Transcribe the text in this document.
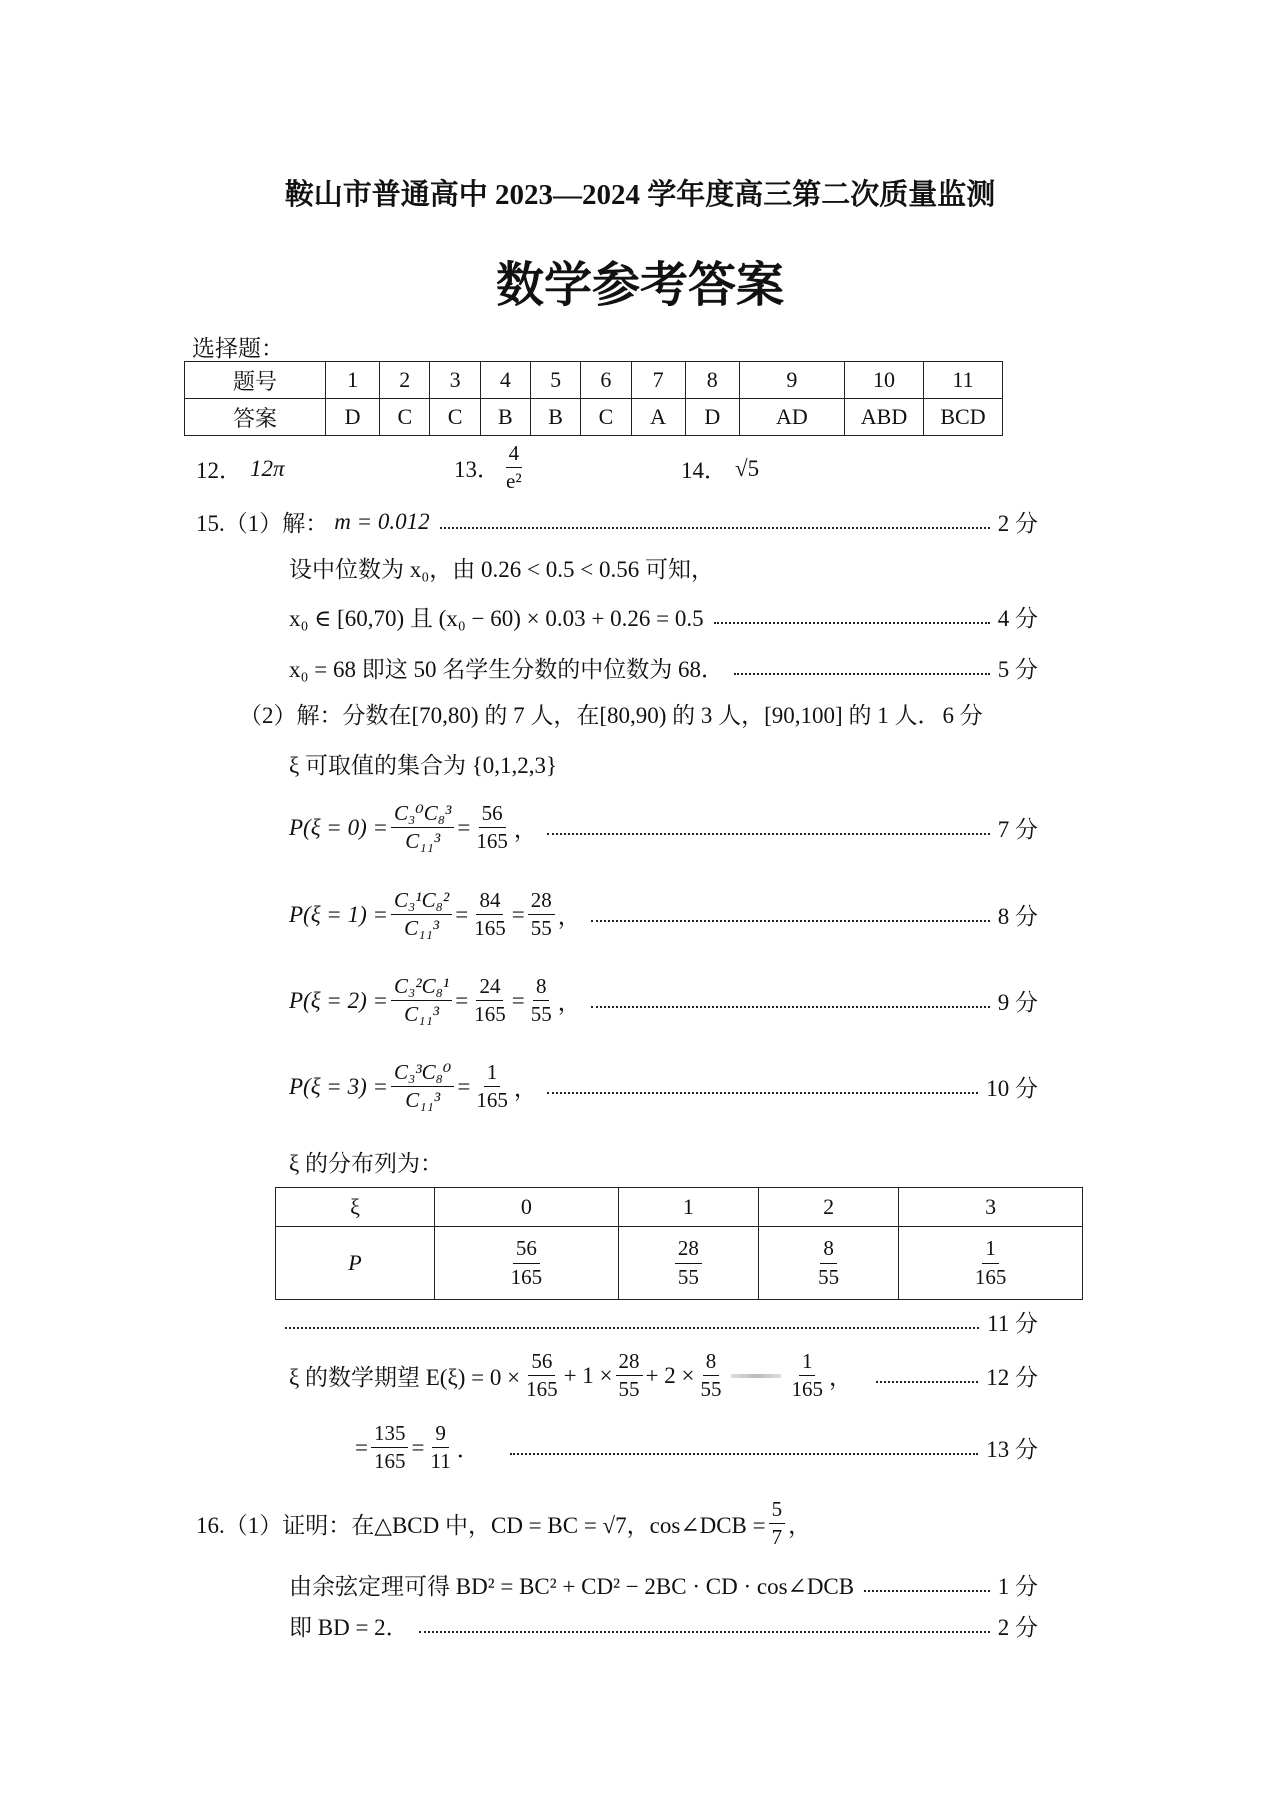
鞍山市普通高中 2023—2024 学年度高三第二次质量监测
数学参考答案
选择题：
题号	1	2	3	4	5	6	7	8	9	10	11
答案	D	C	C	B	B	C	A	D	AD	ABD	BCD
12． 12π	13． $\frac{4}{\text{e²}}$	14． √5
15.（1）解： m = 0.012	2 分
设中位数为 x₀，由 0.26 < 0.5 < 0.56 可知，
x₀ ∈ [60,70) 且 (x₀ − 60) × 0.03 + 0.26 = 0.5	4 分
x₀ = 68 即这 50 名学生分数的中位数为 68．	5 分
（2）解：分数在[70,80) 的 7 人，在[80,90) 的 3 人，[90,100] 的 1 人． 6 分
ξ 可取值的集合为 {0,1,2,3}
$P(\xi = 0) = \frac{\text{C₃⁰C₈³}}{\text{C₁₁³}} = \frac{56}{165}$ ，	7 分
$P(\xi = 1) = \frac{\text{C₃¹C₈²}}{\text{C₁₁³}} = \frac{84}{165} = \frac{28}{55}$ ，	8 分
$P(\xi = 2) = \frac{\text{C₃²C₈¹}}{\text{C₁₁³}} = \frac{24}{165} = \frac{8}{55}$ ，	9 分
$P(\xi = 3) = \frac{\text{C₃³C₈⁰}}{\text{C₁₁³}} = \frac{1}{165}$ ，	10 分
ξ 的分布列为：
ξ	0	1	2	3
P	$\frac{56}{165}$	$\frac{28}{55}$	$\frac{8}{55}$	$\frac{1}{165}$
11 分
ξ 的数学期望 $E(\xi) = 0 \times \frac{56}{165} + 1 \times \frac{28}{55} + 2 \times \frac{8}{55}$	$\frac{1}{165}$ ，	12 分
= $\frac{135}{165} = \frac{9}{11}$ ．	13 分
16.（1）证明：在△BCD 中，CD = BC = √7，cos∠DCB = $\frac{5}{7}$ ，
由余弦定理可得 BD² = BC² + CD² − 2BC · CD · cos∠DCB	1 分
即 BD = 2．	2 分
